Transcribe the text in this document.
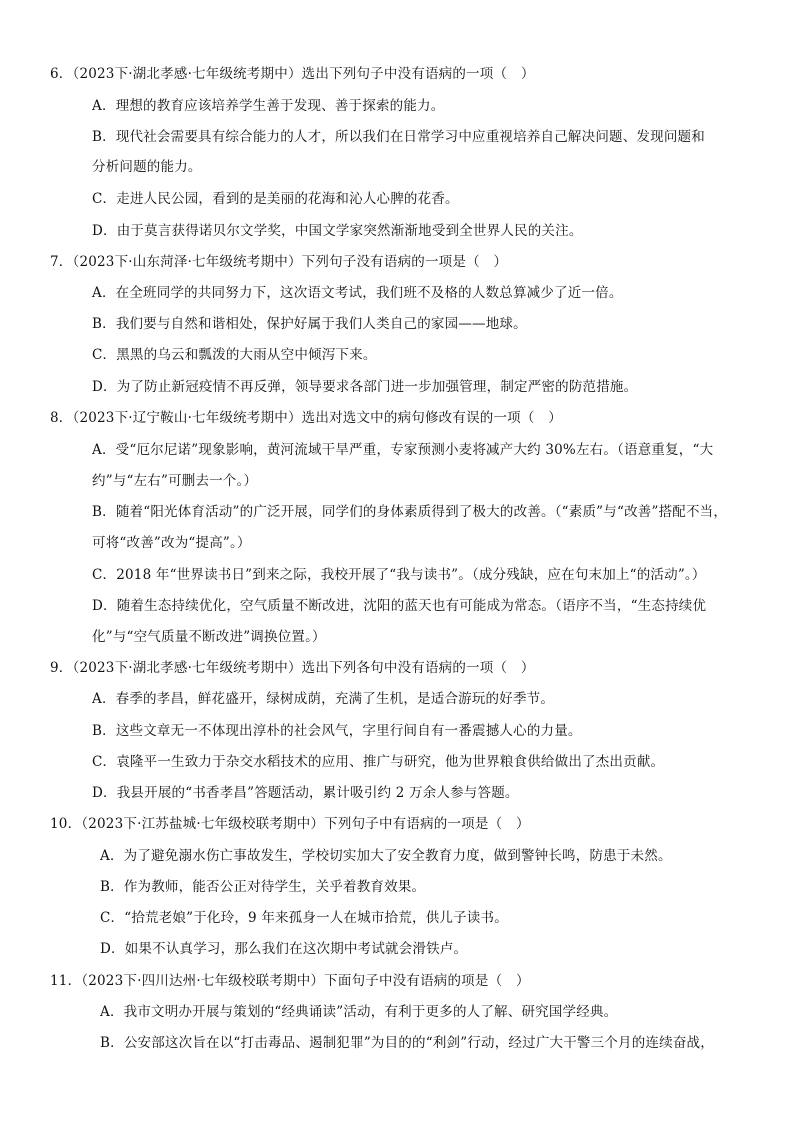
6．（2023下·湖北孝感·七年级统考期中）选出下列句子中没有语病的一项（　）
A．理想的教育应该培养学生善于发现、善于探索的能力。
B．现代社会需要具有综合能力的人才，所以我们在日常学习中应重视培养自己解决问题、发现问题和
分析问题的能力。
C．走进人民公园，看到的是美丽的花海和沁人心脾的花香。
D．由于莫言获得诺贝尔文学奖，中国文学家突然渐渐地受到全世界人民的关注。
7．（2023下·山东菏泽·七年级统考期中）下列句子没有语病的一项是（　）
A．在全班同学的共同努力下，这次语文考试，我们班不及格的人数总算减少了近一倍。
B．我们要与自然和谐相处，保护好属于我们人类自己的家园——地球。
C．黑黑的乌云和瓢泼的大雨从空中倾泻下来。
D．为了防止新冠疫情不再反弹，领导要求各部门进一步加强管理，制定严密的防范措施。
8．（2023下·辽宁鞍山·七年级统考期中）选出对选文中的病句修改有误的一项（　）
A．受“厄尔尼诺”现象影响，黄河流域干旱严重，专家预测小麦将减产大约 30%左右。（语意重复，“大
约”与“左右”可删去一个。）
B．随着“阳光体育活动”的广泛开展，同学们的身体素质得到了极大的改善。（“素质”与“改善”搭配不当，
可将“改善”改为“提高”。）
C．2018 年“世界读书日”到来之际，我校开展了“我与读书”。（成分残缺，应在句末加上“的活动”。）
D．随着生态持续优化，空气质量不断改进，沈阳的蓝天也有可能成为常态。（语序不当，“生态持续优
化”与“空气质量不断改进”调换位置。）
9．（2023下·湖北孝感·七年级统考期中）选出下列各句中没有语病的一项（　）
A．春季的孝昌，鲜花盛开，绿树成荫，充满了生机，是适合游玩的好季节。
B．这些文章无一不体现出淳朴的社会风气，字里行间自有一番震撼人心的力量。
C．袁隆平一生致力于杂交水稻技术的应用、推广与研究，他为世界粮食供给做出了杰出贡献。
D．我县开展的“书香孝昌”答题活动，累计吸引约 2 万余人参与答题。
10．（2023下·江苏盐城·七年级校联考期中）下列句子中有语病的一项是（　）
A．为了避免溺水伤亡事故发生，学校切实加大了安全教育力度，做到警钟长鸣，防患于未然。
B．作为教师，能否公正对待学生，关乎着教育效果。
C．“拾荒老娘”于化玲，9 年来孤身一人在城市拾荒，供儿子读书。
D．如果不认真学习，那么我们在这次期中考试就会滑铁卢。
11．（2023下·四川达州·七年级校联考期中）下面句子中没有语病的项是（　）
A．我市文明办开展与策划的“经典诵读”活动，有利于更多的人了解、研究国学经典。
B．公安部这次旨在以“打击毒品、遏制犯罪”为目的的“利剑”行动，经过广大干警三个月的连续奋战，
